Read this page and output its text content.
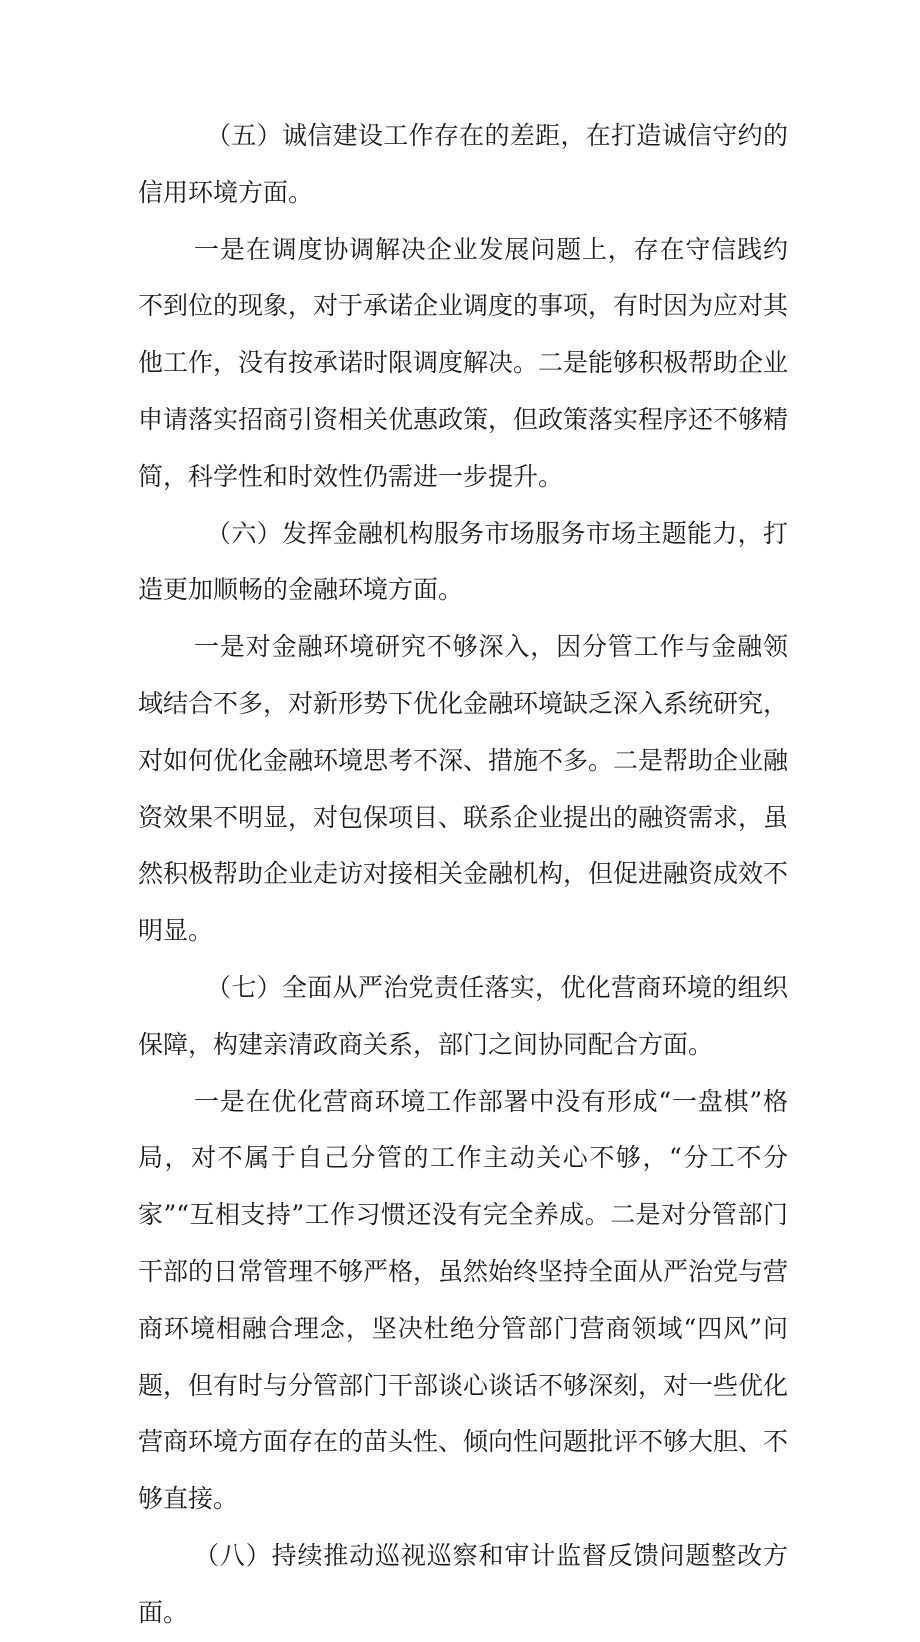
（五）诚信建设工作存在的差距，在打造诚信守约的信用环境方面。

一是在调度协调解决企业发展问题上，存在守信践约不到位的现象，对于承诺企业调度的事项，有时因为应对其他工作，没有按承诺时限调度解决。二是能够积极帮助企业申请落实招商引资相关优惠政策，但政策落实程序还不够精简，科学性和时效性仍需进一步提升。

（六）发挥金融机构服务市场服务市场主题能力，打造更加顺畅的金融环境方面。

一是对金融环境研究不够深入，因分管工作与金融领域结合不多，对新形势下优化金融环境缺乏深入系统研究，对如何优化金融环境思考不深、措施不多。二是帮助企业融资效果不明显，对包保项目、联系企业提出的融资需求，虽然积极帮助企业走访对接相关金融机构，但促进融资成效不明显。

（七）全面从严治党责任落实，优化营商环境的组织保障，构建亲清政商关系，部门之间协同配合方面。

一是在优化营商环境工作部署中没有形成“一盘棋”格局，对不属于自己分管的工作主动关心不够，“分工不分家”“互相支持”工作习惯还没有完全养成。二是对分管部门干部的日常管理不够严格，虽然始终坚持全面从严治党与营商环境相融合理念，坚决杜绝分管部门营商领域“四风”问题，但有时与分管部门干部谈心谈话不够深刻，对一些优化营商环境方面存在的苗头性、倾向性问题批评不够大胆、不够直接。

（八）持续推动巡视巡察和审计监督反馈问题整改方面。
